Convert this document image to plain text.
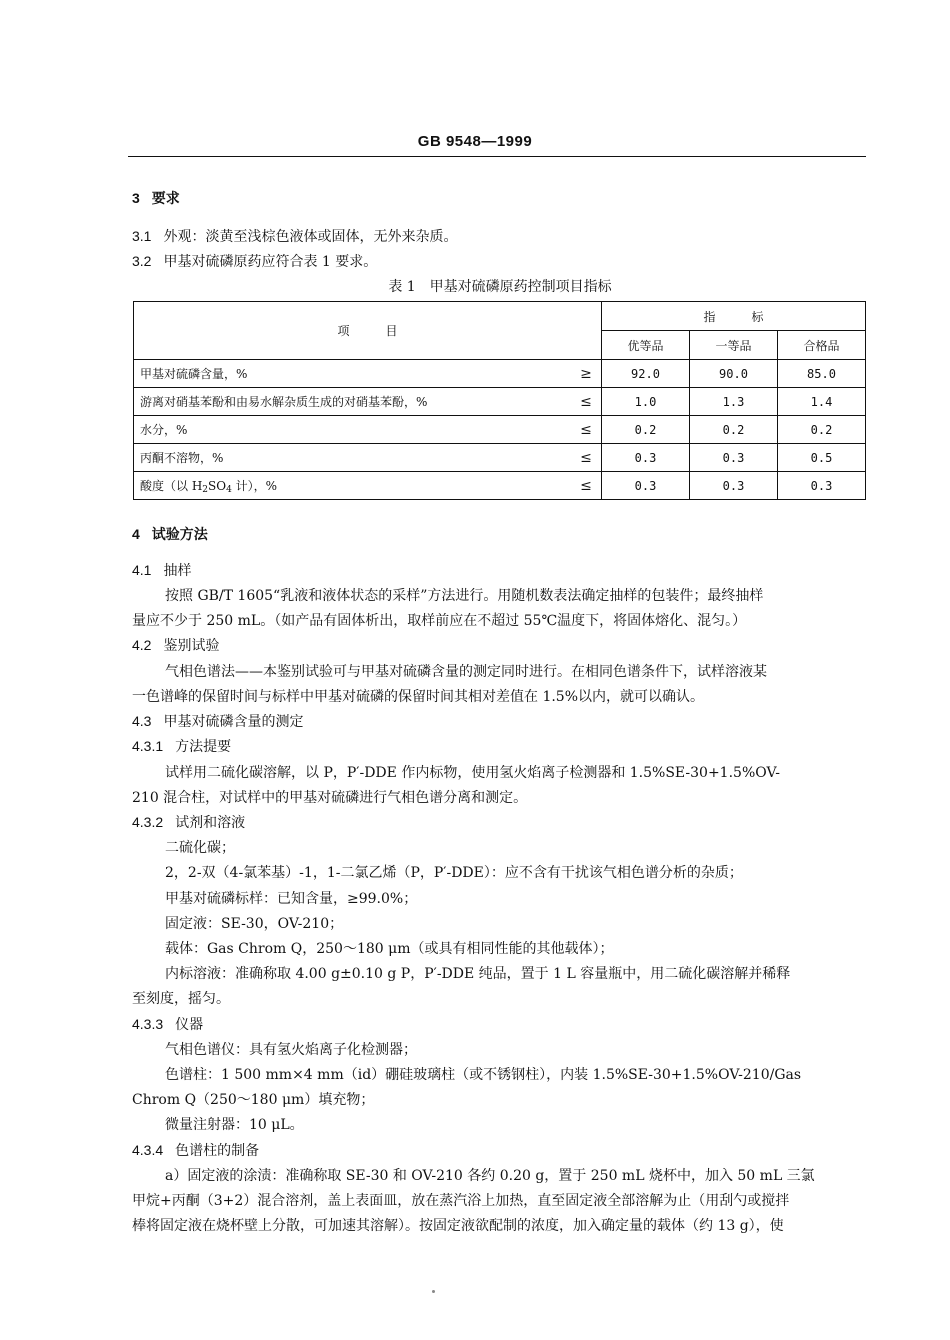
GB 9548—1999
3 要求
3.1 外观：淡黄至浅棕色液体或固体，无外来杂质。
3.2 甲基对硫磷原药应符合表 1 要求。
表 1　甲基对硫磷原药控制项目指标
项　　　目		指　　　标		
		优等品	一等品	合格品
甲基对硫磷含量，%	≥	92.0	90.0	85.0
游离对硝基苯酚和由易水解杂质生成的对硝基苯酚，%	≤	1.0	1.3	1.4
水分，%	≤	0.2	0.2	0.2
丙酮不溶物，%	≤	0.3	0.3	0.5
酸度（以 $H_2SO_4$ 计），%	≤	0.3	0.3	0.3
4 试验方法
4.1 抽样
按照 GB/T 1605“乳液和液体状态的采样”方法进行。用随机数表法确定抽样的包装件；最终抽样
量应不少于 250 mL。（如产品有固体析出，取样前应在不超过 55℃温度下，将固体熔化、混匀。）
4.2 鉴别试验
气相色谱法——本鉴别试验可与甲基对硫磷含量的测定同时进行。在相同色谱条件下，试样溶液某
一色谱峰的保留时间与标样中甲基对硫磷的保留时间其相对差值在 1.5%以内，就可以确认。
4.3 甲基对硫磷含量的测定
4.3.1 方法提要
试样用二硫化碳溶解，以 P，P′-DDE 作内标物，使用氢火焰离子检测器和 1.5%SE-30+1.5%OV-
210 混合柱，对试样中的甲基对硫磷进行气相色谱分离和测定。
4.3.2 试剂和溶液
二硫化碳；
2，2-双（4-氯苯基）-1，1-二氯乙烯（P，P′-DDE）：应不含有干扰该气相色谱分析的杂质；
甲基对硫磷标样：已知含量，≥99.0%；
固定液：SE-30，OV-210；
载体：Gas Chrom Q，250～180 μm（或具有相同性能的其他载体）；
内标溶液：准确称取 4.00 g±0.10 g P，P′-DDE 纯品，置于 1 L 容量瓶中，用二硫化碳溶解并稀释
至刻度，摇匀。
4.3.3 仪器
气相色谱仪：具有氢火焰离子化检测器；
色谱柱：1 500 mm×4 mm（id）硼硅玻璃柱（或不锈钢柱），内装 1.5%SE-30+1.5%OV-210/Gas
Chrom Q（250～180 μm）填充物；
微量注射器：10 μL。
4.3.4 色谱柱的制备
a）固定液的涂渍：准确称取 SE-30 和 OV-210 各约 0.20 g，置于 250 mL 烧杯中，加入 50 mL 三氯
甲烷+丙酮（3+2）混合溶剂，盖上表面皿，放在蒸汽浴上加热，直至固定液全部溶解为止（用刮勺或搅拌
棒将固定液在烧杯壁上分散，可加速其溶解）。按固定液欲配制的浓度，加入确定量的载体（约 13 g），使
